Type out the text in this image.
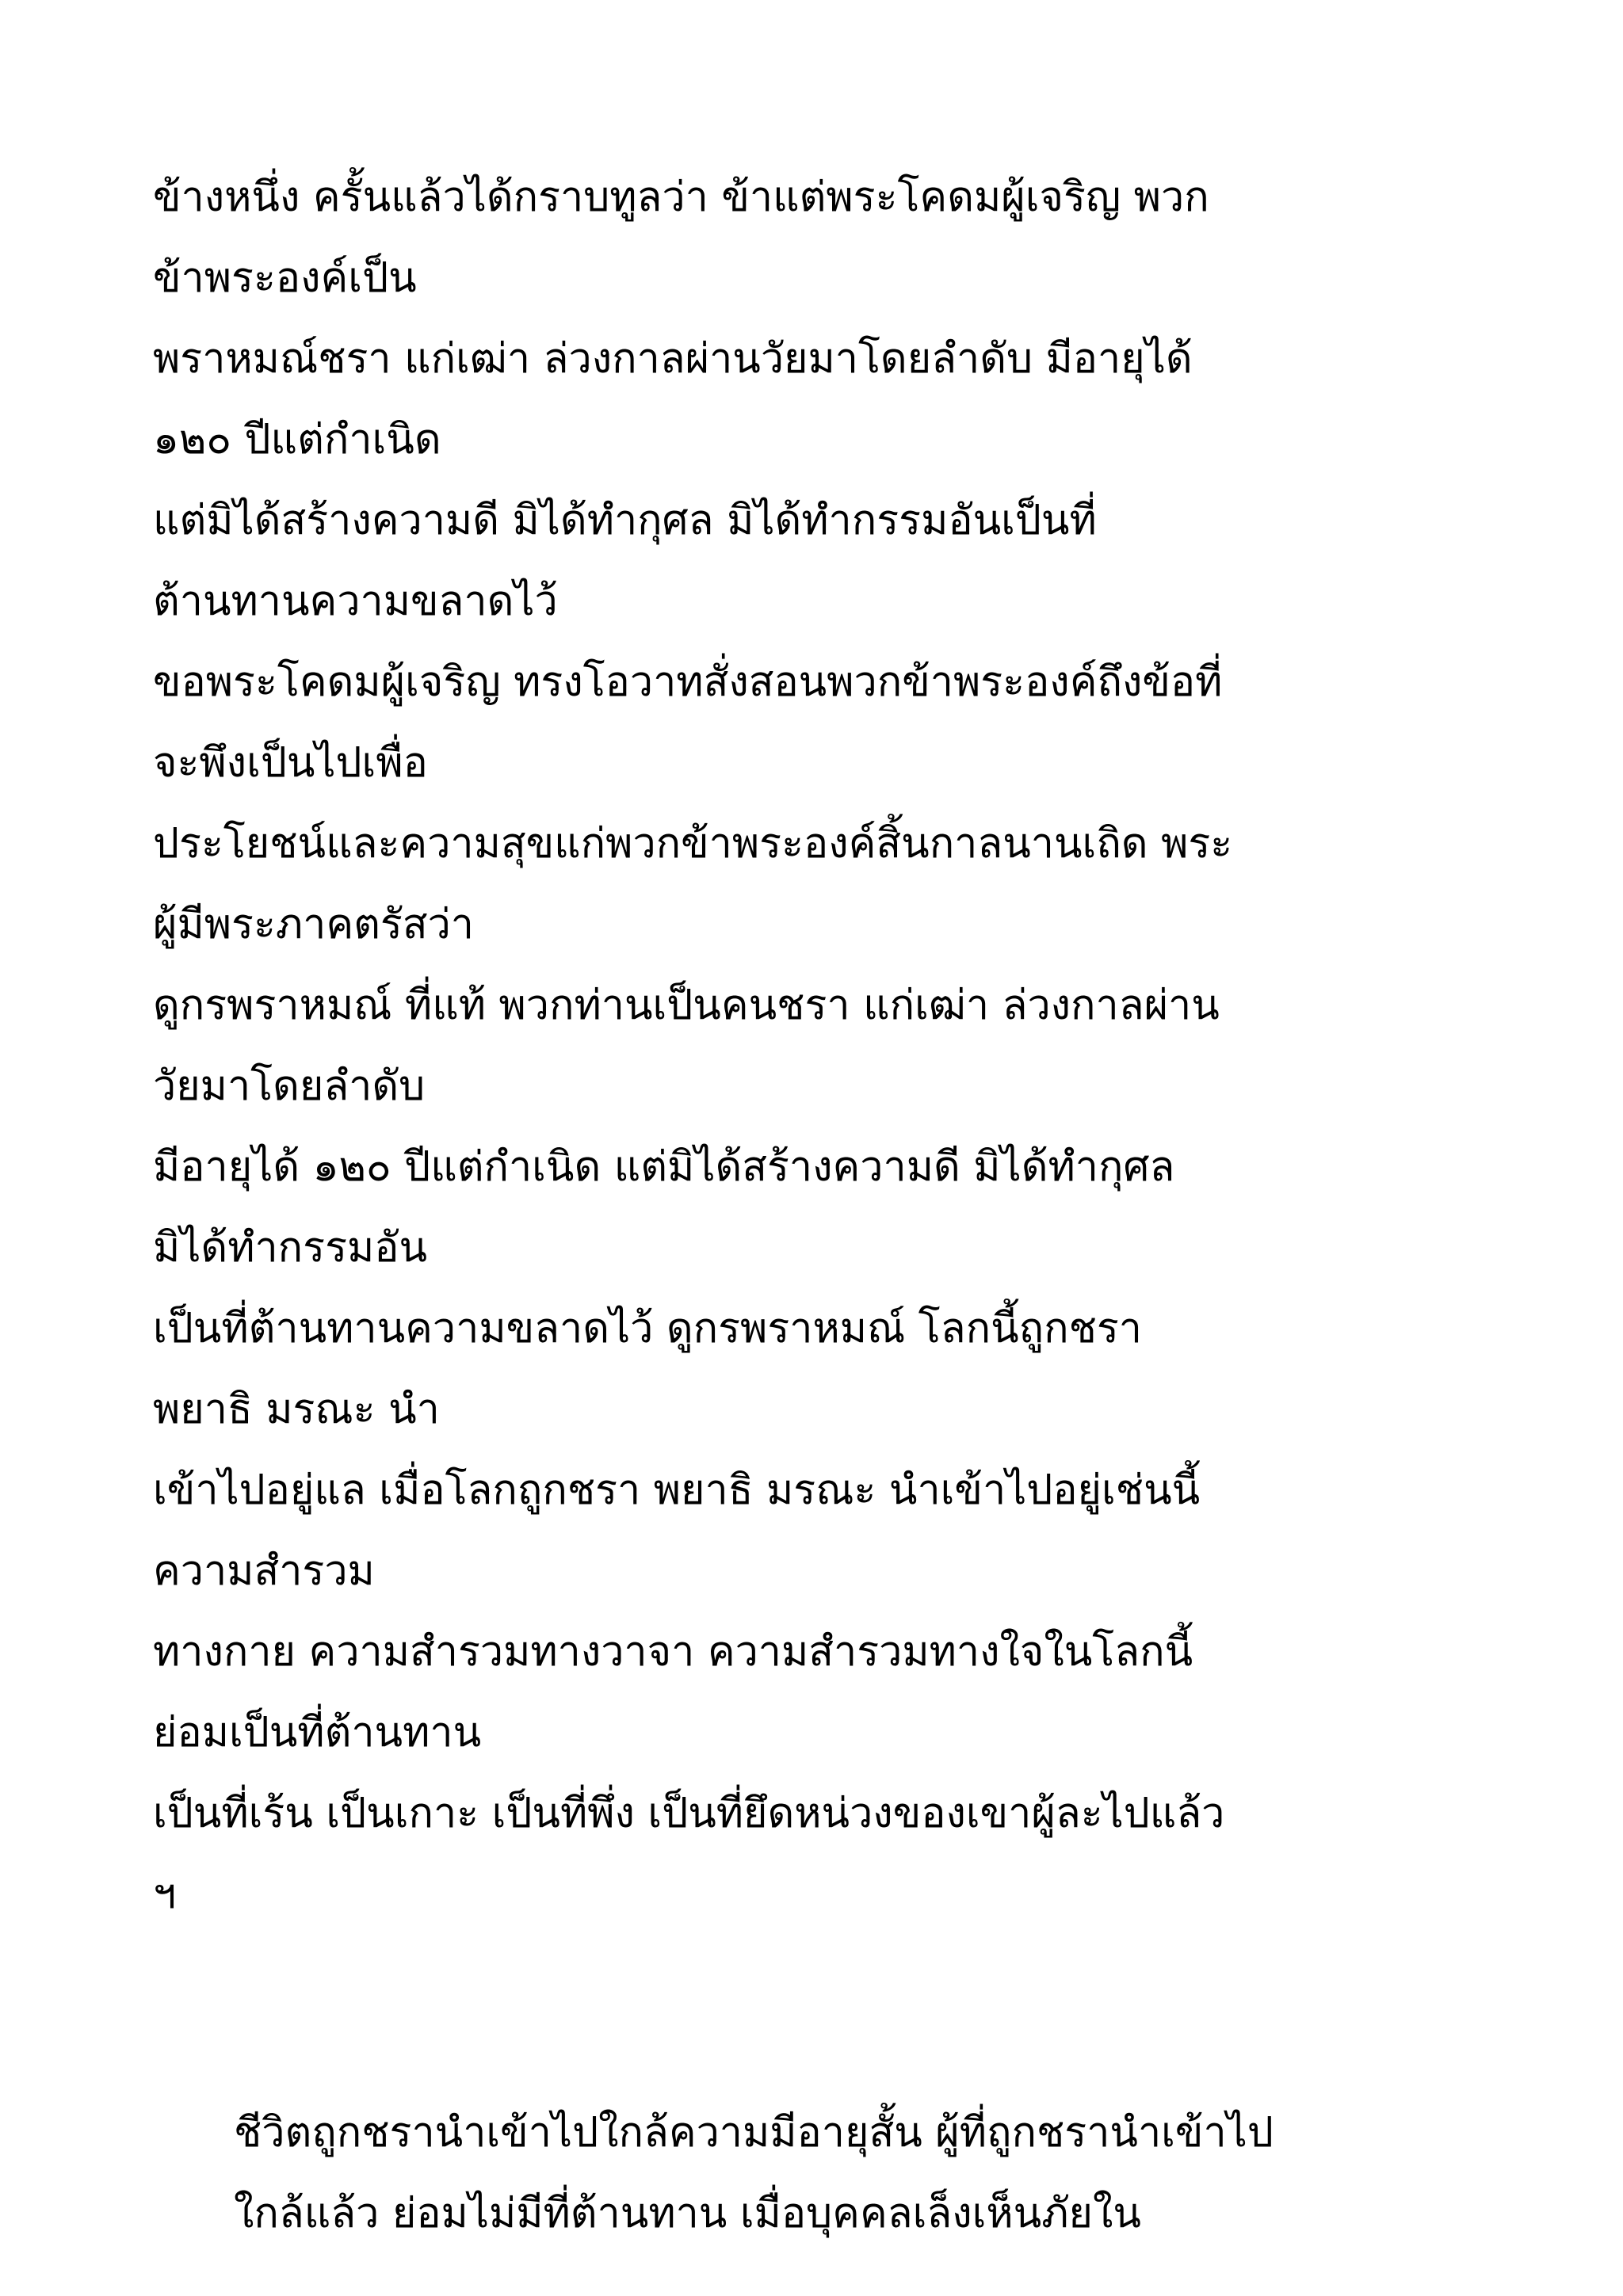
ข้างหนึ่ง ครั้นแล้วได้กราบทูลว่า ข้าแต่พระโคดมผู้เจริญ พวก
ข้าพระองค์เป็น
พราหมณ์ชรา แก่เฒ่า ล่วงกาลผ่านวัยมาโดยลำดับ มีอายุได้
๑๒๐ ปีแต่กำเนิด
แต่มิได้สร้างความดี มิได้ทำกุศล มิได้ทำกรรมอันเป็นที่
ต้านทานความขลาดไว้
ขอพระโคดมผู้เจริญ ทรงโอวาทสั่งสอนพวกข้าพระองค์ถึงข้อที่
จะพึงเป็นไปเพื่อ
ประโยชน์และความสุขแก่พวกข้าพระองค์สิ้นกาลนานเถิด พระ
ผู้มีพระภาคตรัสว่า
ดูกรพราหมณ์ ที่แท้ พวกท่านเป็นคนชรา แก่เฒ่า ล่วงกาลผ่าน
วัยมาโดยลำดับ
มีอายุได้ ๑๒๐ ปีแต่กำเนิด แต่มิได้สร้างความดี มิได้ทำกุศล
มิได้ทำกรรมอัน
เป็นที่ต้านทานความขลาดไว้ ดูกรพราหมณ์ โลกนี้ถูกชรา
พยาธิ มรณะ นำ
เข้าไปอยู่แล เมื่อโลกถูกชรา พยาธิ มรณะ นำเข้าไปอยู่เช่นนี้
ความสำรวม
ทางกาย ความสำรวมทางวาจา ความสำรวมทางใจในโลกนี้
ย่อมเป็นที่ต้านทาน
เป็นที่เร้น เป็นเกาะ เป็นที่พึ่ง เป็นที่ยึดหน่วงของเขาผู้ละไปแล้ว
ฯ
ชีวิตถูกชรานำเข้าไปใกล้ความมีอายุสั้น ผู้ที่ถูกชรานำเข้าไป
ใกล้แล้ว ย่อมไม่มีที่ต้านทาน เมื่อบุคคลเล็งเห็นภัยใน
